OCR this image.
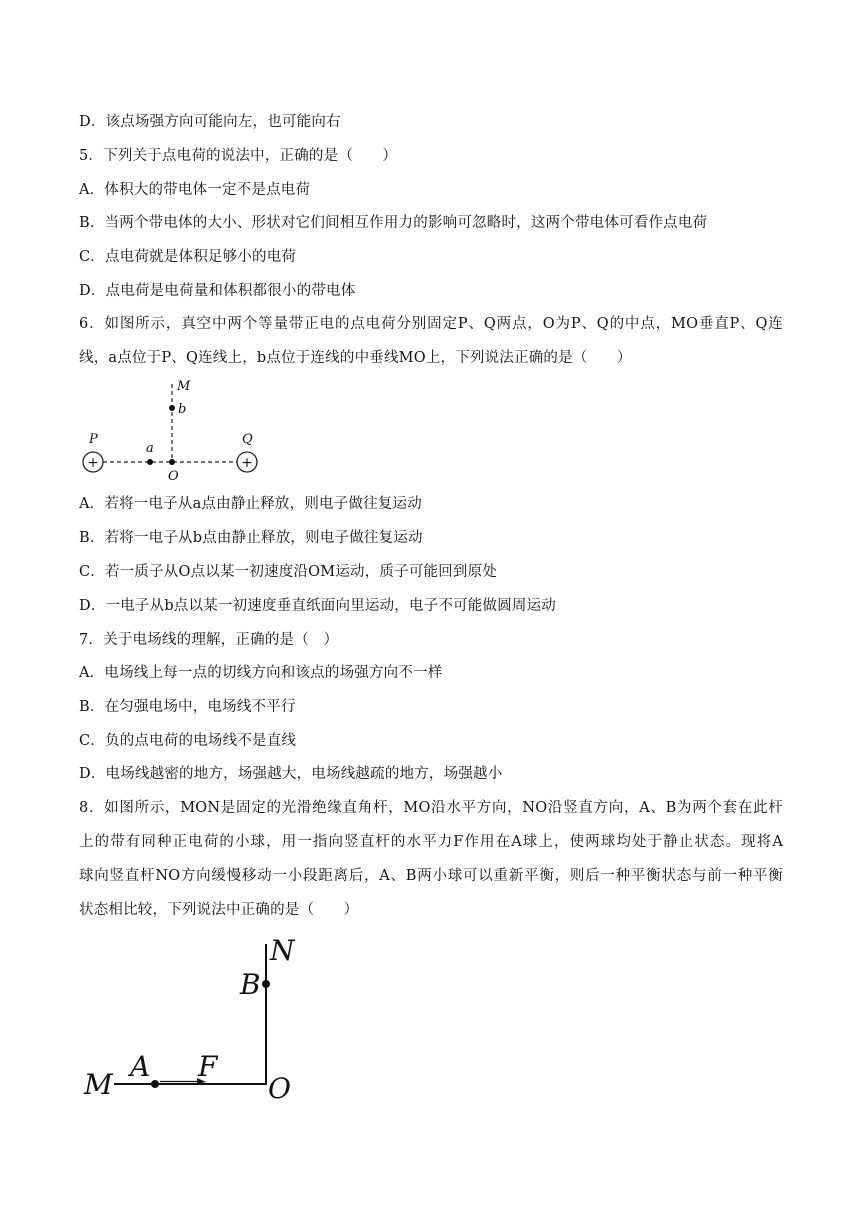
D．该点场强方向可能向左，也可能向右
5．下列关于点电荷的说法中，正确的是（　　）
A．体积大的带电体一定不是点电荷
B．当两个带电体的大小、形状对它们间相互作用力的影响可忽略时，这两个带电体可看作点电荷
C．点电荷就是体积足够小的电荷
D．点电荷是电荷量和体积都很小的带电体
6．如图所示，真空中两个等量带正电的点电荷分别固定P、Q两点，O为P、Q的中点，MO垂直P、Q连
线，a点位于P、Q连线上，b点位于连线的中垂线MO上，下列说法正确的是（　　）
+	+
M
b
P	Q
a
O
A．若将一电子从a点由静止释放，则电子做往复运动
B．若将一电子从b点由静止释放，则电子做往复运动
C．若一质子从O点以某一初速度沿OM运动，质子可能回到原处
D．一电子从b点以某一初速度垂直纸面向里运动，电子不可能做圆周运动
7．关于电场线的理解，正确的是（　）
A．电场线上每一点的切线方向和该点的场强方向不一样
B．在匀强电场中，电场线不平行
C．负的点电荷的电场线不是直线
D．电场线越密的地方，场强越大，电场线越疏的地方，场强越小
8．如图所示，MON是固定的光滑绝缘直角杆，MO沿水平方向，NO沿竖直方向，A、B为两个套在此杆
上的带有同种正电荷的小球，用一指向竖直杆的水平力F作用在A球上，使两球均处于静止状态。现将A
球向竖直杆NO方向缓慢移动一小段距离后，A、B两小球可以重新平衡，则后一种平衡状态与前一种平衡
状态相比较，下列说法中正确的是（　　）
N
B
M
A F
O
